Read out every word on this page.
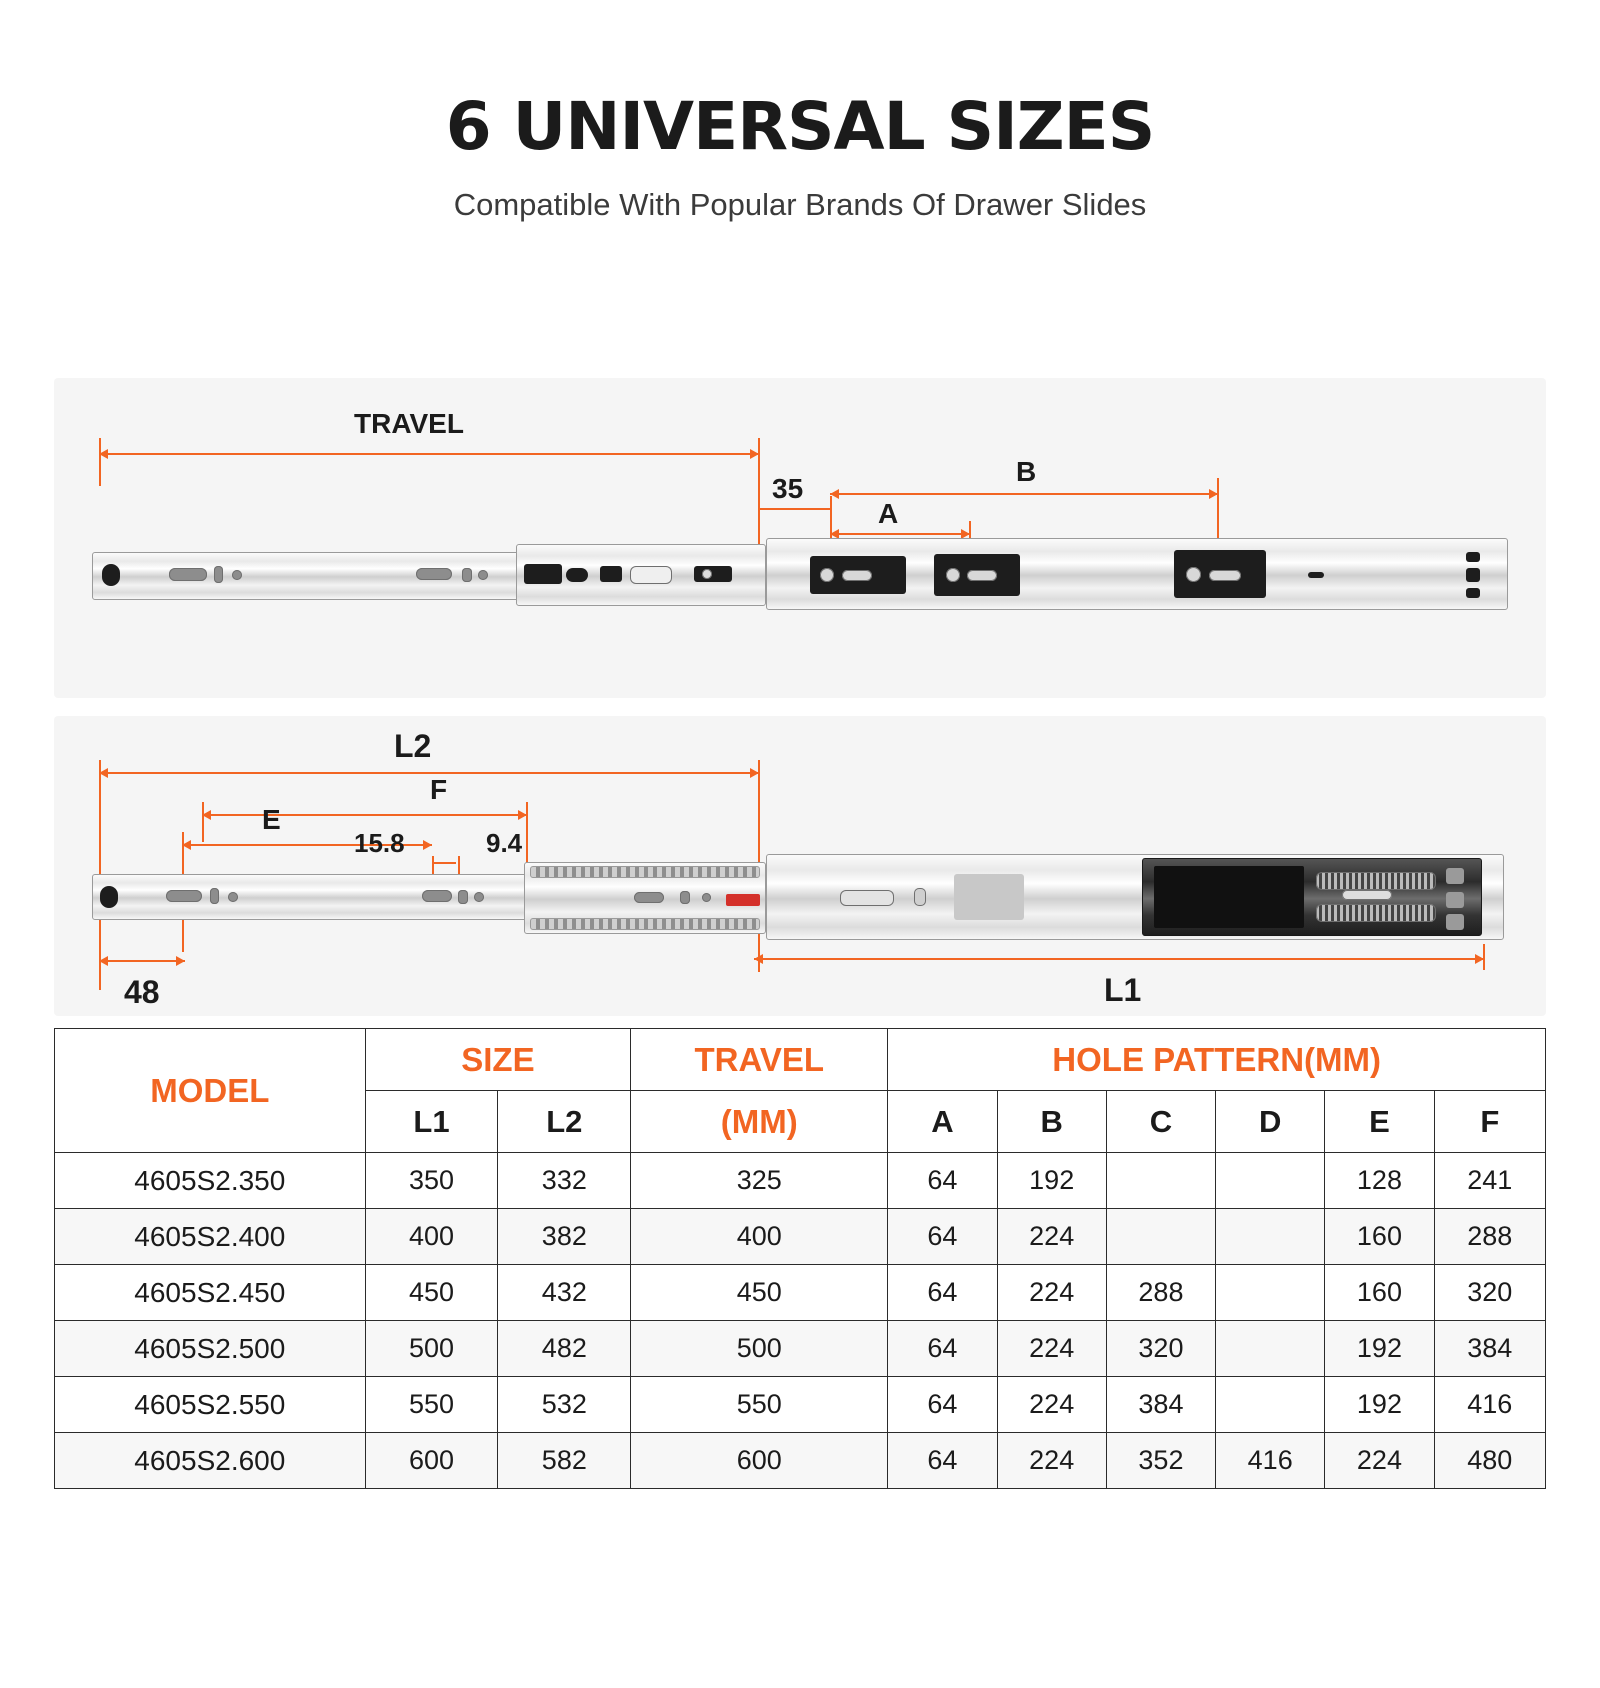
6 UNIVERSAL SIZES
Compatible With Popular Brands Of Drawer Slides
TRAVEL
35
A
B
L2
F
E
15.8	9.4
48	L1
MODEL	SIZE		TRAVEL	HOLE PATTERN(MM)					
	L1	L2	(MM)	A	B	C	D	E	F
4605S2.350	350	332	325	64	192			128	241
4605S2.400	400	382	400	64	224			160	288
4605S2.450	450	432	450	64	224	288		160	320
4605S2.500	500	482	500	64	224	320		192	384
4605S2.550	550	532	550	64	224	384		192	416
4605S2.600	600	582	600	64	224	352	416	224	480
